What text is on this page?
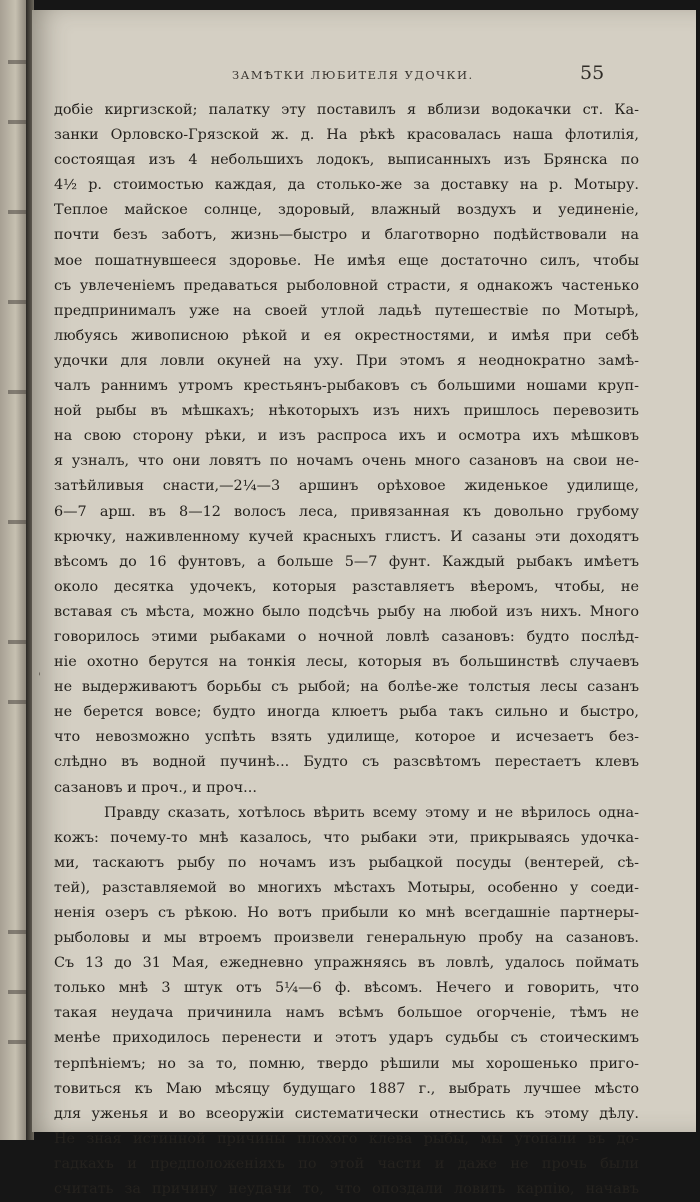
ЗАМѢТКИ ЛЮБИТЕЛЯ УДОЧКИ.	55
'
добіе киргизской; палатку эту поставилъ я вблизи водокачки ст. Ка-
занки Орловско-Грязской ж. д. На рѣкѣ красовалась наша флотилія,
состоящая изъ 4 небольшихъ лодокъ, выписанныхъ изъ Брянска по
4½ р. стоимостью каждая, да столько-же за доставку на р. Мотыру.
Теплое майское солнце, здоровый, влажный воздухъ и уединеніе,
почти безъ заботъ, жизнь—быстро и благотворно подѣйствовали на
мое пошатнувшееся здоровье. Не имѣя еще достаточно силъ, чтобы
съ увлеченіемъ предаваться рыболовной страсти, я однакожъ частенько
предпринималъ уже на своей утлой ладьѣ путешествіе по Мотырѣ,
любуясь живописною рѣкой и ея окрестностями, и имѣя при себѣ
удочки для ловли окуней на уху. При этомъ я неоднократно замѣ-
чалъ раннимъ утромъ крестьянъ-рыбаковъ съ большими ношами круп-
ной рыбы въ мѣшкахъ; нѣкоторыхъ изъ нихъ пришлось перевозить
на свою сторону рѣки, и изъ распроса ихъ и осмотра ихъ мѣшковъ
я узналъ, что они ловятъ по ночамъ очень много сазановъ на свои не-
затѣйливыя снасти,—2¼—3 аршинъ орѣховое жиденькое удилище,
6—7 арш. въ 8—12 волосъ леса, привязанная къ довольно грубому
крючку, наживленному кучей красныхъ глистъ. И сазаны эти доходятъ
вѣсомъ до 16 фунтовъ, а больше 5—7 фунт. Каждый рыбакъ имѣетъ
около десятка удочекъ, которыя разставляетъ вѣеромъ, чтобы, не
вставая съ мѣста, можно было подсѣчь рыбу на любой изъ нихъ. Много
говорилось этими рыбаками о ночной ловлѣ сазановъ: будто послѣд-
ніе охотно берутся на тонкія лесы, которыя въ большинствѣ случаевъ
не выдерживаютъ борьбы съ рыбой; на болѣе-же толстыя лесы сазанъ
не берется вовсе; будто иногда клюетъ рыба такъ сильно и быстро,
что невозможно успѣть взять удилище, которое и исчезаетъ без-
слѣдно въ водной пучинѣ... Будто съ разсвѣтомъ перестаетъ клевъ
сазановъ и проч., и проч...
Правду сказать, хотѣлось вѣрить всему этому и не вѣрилось одна-
кожъ: почему-то мнѣ казалось, что рыбаки эти, прикрываясь удочка-
ми, таскаютъ рыбу по ночамъ изъ рыбацкой посуды (вентерей, сѣ-
тей), разставляемой во многихъ мѣстахъ Мотыры, особенно у соеди-
ненія озеръ съ рѣкою. Но вотъ прибыли ко мнѣ всегдашніе партнеры-
рыболовы и мы втроемъ произвели генеральную пробу на сазановъ.
Съ 13 до 31 Мая, ежедневно упражняясь въ ловлѣ, удалось поймать
только мнѣ 3 штук отъ 5¼—6 ф. вѣсомъ. Нечего и говорить, что
такая неудача причинила намъ всѣмъ большое огорченіе, тѣмъ не
менѣе приходилось перенести и этотъ ударъ судьбы съ стоическимъ
терпѣніемъ; но за то, помню, твердо рѣшили мы хорошенько приго-
товиться къ Маю мѣсяцу будущаго 1887 г., выбрать лучшее мѣсто
для уженья и во всеоружіи систематически отнестись къ этому дѣлу.
Не зная истинной причины плохого клева рыбы, мы утопали въ до-
гадкахъ и предположеніяхъ по этой части и даже не прочь были
считать за причину неудачи то, что опоздали ловить карпію, начавъ
